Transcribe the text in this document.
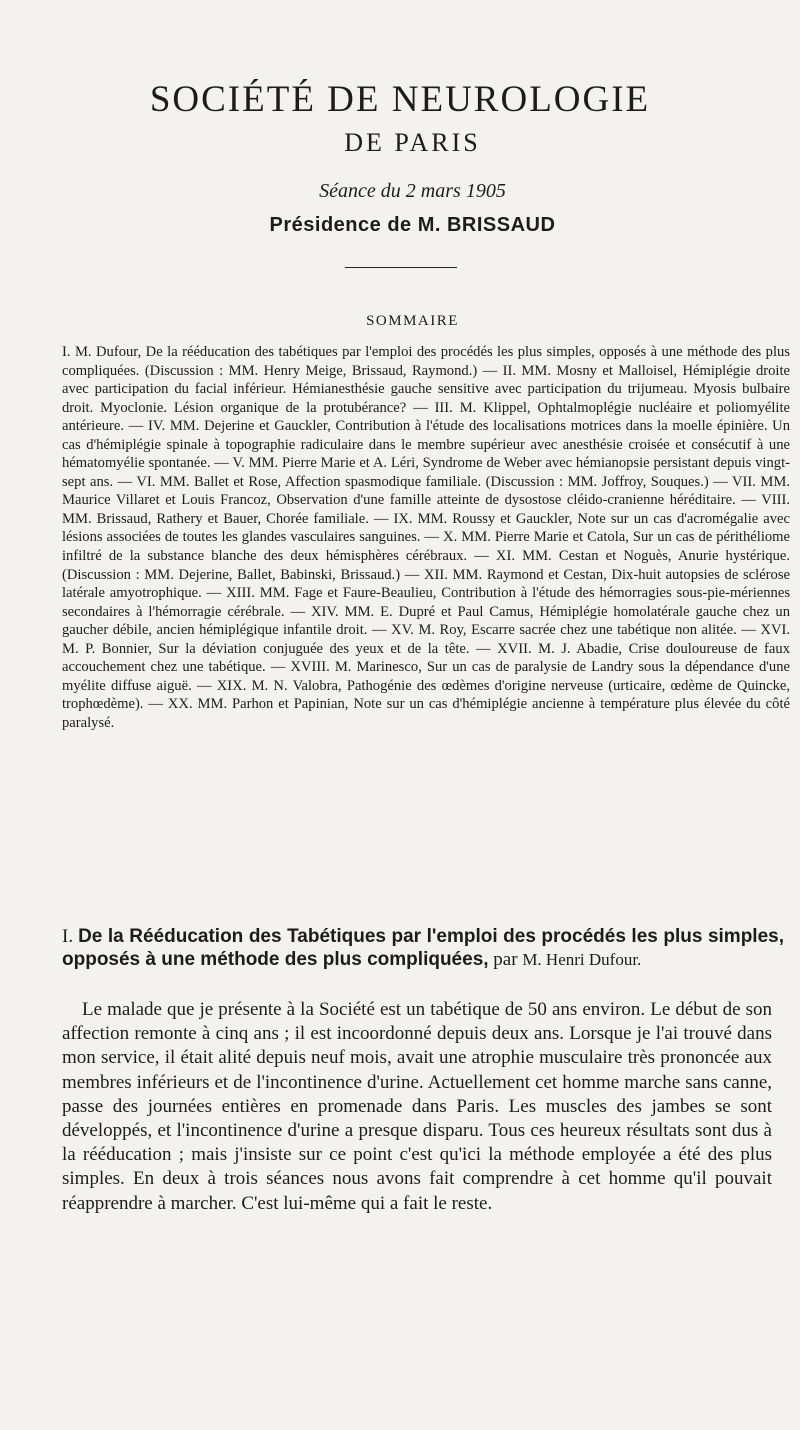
SOCIÉTÉ DE NEUROLOGIE
DE PARIS
Séance du 2 mars 1905
Présidence de M. BRISSAUD
SOMMAIRE
I. M. Dufour, De la rééducation des tabétiques par l'emploi des procédés les plus simples, opposés à une méthode des plus compliquées. (Discussion : MM. Henry Meige, Brissaud, Raymond.) — II. MM. Mosny et Malloisel, Hémiplégie droite avec participation du facial inférieur. Hémianesthésie gauche sensitive avec participation du trijumeau. Myosis bulbaire droit. Myoclonie. Lésion organique de la protubérance? — III. M. Klippel, Ophtalmoplégie nucléaire et poliomyélite antérieure. — IV. MM. Dejerine et Gauckler, Contribution à l'étude des localisations motrices dans la moelle épinière. Un cas d'hémiplégie spinale à topographie radiculaire dans le membre supérieur avec anesthésie croisée et consécutif à une hématomyélie spontanée. — V. MM. Pierre Marie et A. Léri, Syndrome de Weber avec hémianopsie persistant depuis vingt-sept ans. — VI. MM. Ballet et Rose, Affection spasmodique familiale. (Discussion : MM. Joffroy, Souques.) — VII. MM. Maurice Villaret et Louis Francoz, Observation d'une famille atteinte de dysostose cléido-cranienne héréditaire. — VIII. MM. Brissaud, Rathery et Bauer, Chorée familiale. — IX. MM. Roussy et Gauckler, Note sur un cas d'acromégalie avec lésions associées de toutes les glandes vasculaires sanguines. — X. MM. Pierre Marie et Catola, Sur un cas de périthéliome infiltré de la substance blanche des deux hémisphères cérébraux. — XI. MM. Cestan et Noguès, Anurie hystérique. (Discussion : MM. Dejerine, Ballet, Babinski, Brissaud.) — XII. MM. Raymond et Cestan, Dix-huit autopsies de sclérose latérale amyotrophique. — XIII. MM. Fage et Faure-Beaulieu, Contribution à l'étude des hémorragies sous-pie-mériennes secondaires à l'hémorragie cérébrale. — XIV. MM. E. Dupré et Paul Camus, Hémiplégie homolatérale gauche chez un gaucher débile, ancien hémiplégique infantile droit. — XV. M. Roy, Escarre sacrée chez une tabétique non alitée. — XVI. M. P. Bonnier, Sur la déviation conjuguée des yeux et de la tête. — XVII. M. J. Abadie, Crise douloureuse de faux accouchement chez une tabétique. — XVIII. M. Marinesco, Sur un cas de paralysie de Landry sous la dépendance d'une myélite diffuse aiguë. — XIX. M. N. Valobra, Pathogénie des œdèmes d'origine nerveuse (urticaire, œdème de Quincke, trophœdème). — XX. MM. Parhon et Papinian, Note sur un cas d'hémiplégie ancienne à température plus élevée du côté paralysé.
I. De la Rééducation des Tabétiques par l'emploi des procédés les plus simples, opposés à une méthode des plus compliquées, par M. Henri Dufour.
Le malade que je présente à la Société est un tabétique de 50 ans environ. Le début de son affection remonte à cinq ans ; il est incoordonné depuis deux ans. Lorsque je l'ai trouvé dans mon service, il était alité depuis neuf mois, avait une atrophie musculaire très prononcée aux membres inférieurs et de l'incontinence d'urine. Actuellement cet homme marche sans canne, passe des journées entières en promenade dans Paris. Les muscles des jambes se sont développés, et l'incontinence d'urine a presque disparu. Tous ces heureux résultats sont dus à la rééducation ; mais j'insiste sur ce point c'est qu'ici la méthode employée a été des plus simples. En deux à trois séances nous avons fait comprendre à cet homme qu'il pouvait réapprendre à marcher. C'est lui-même qui a fait le reste.
